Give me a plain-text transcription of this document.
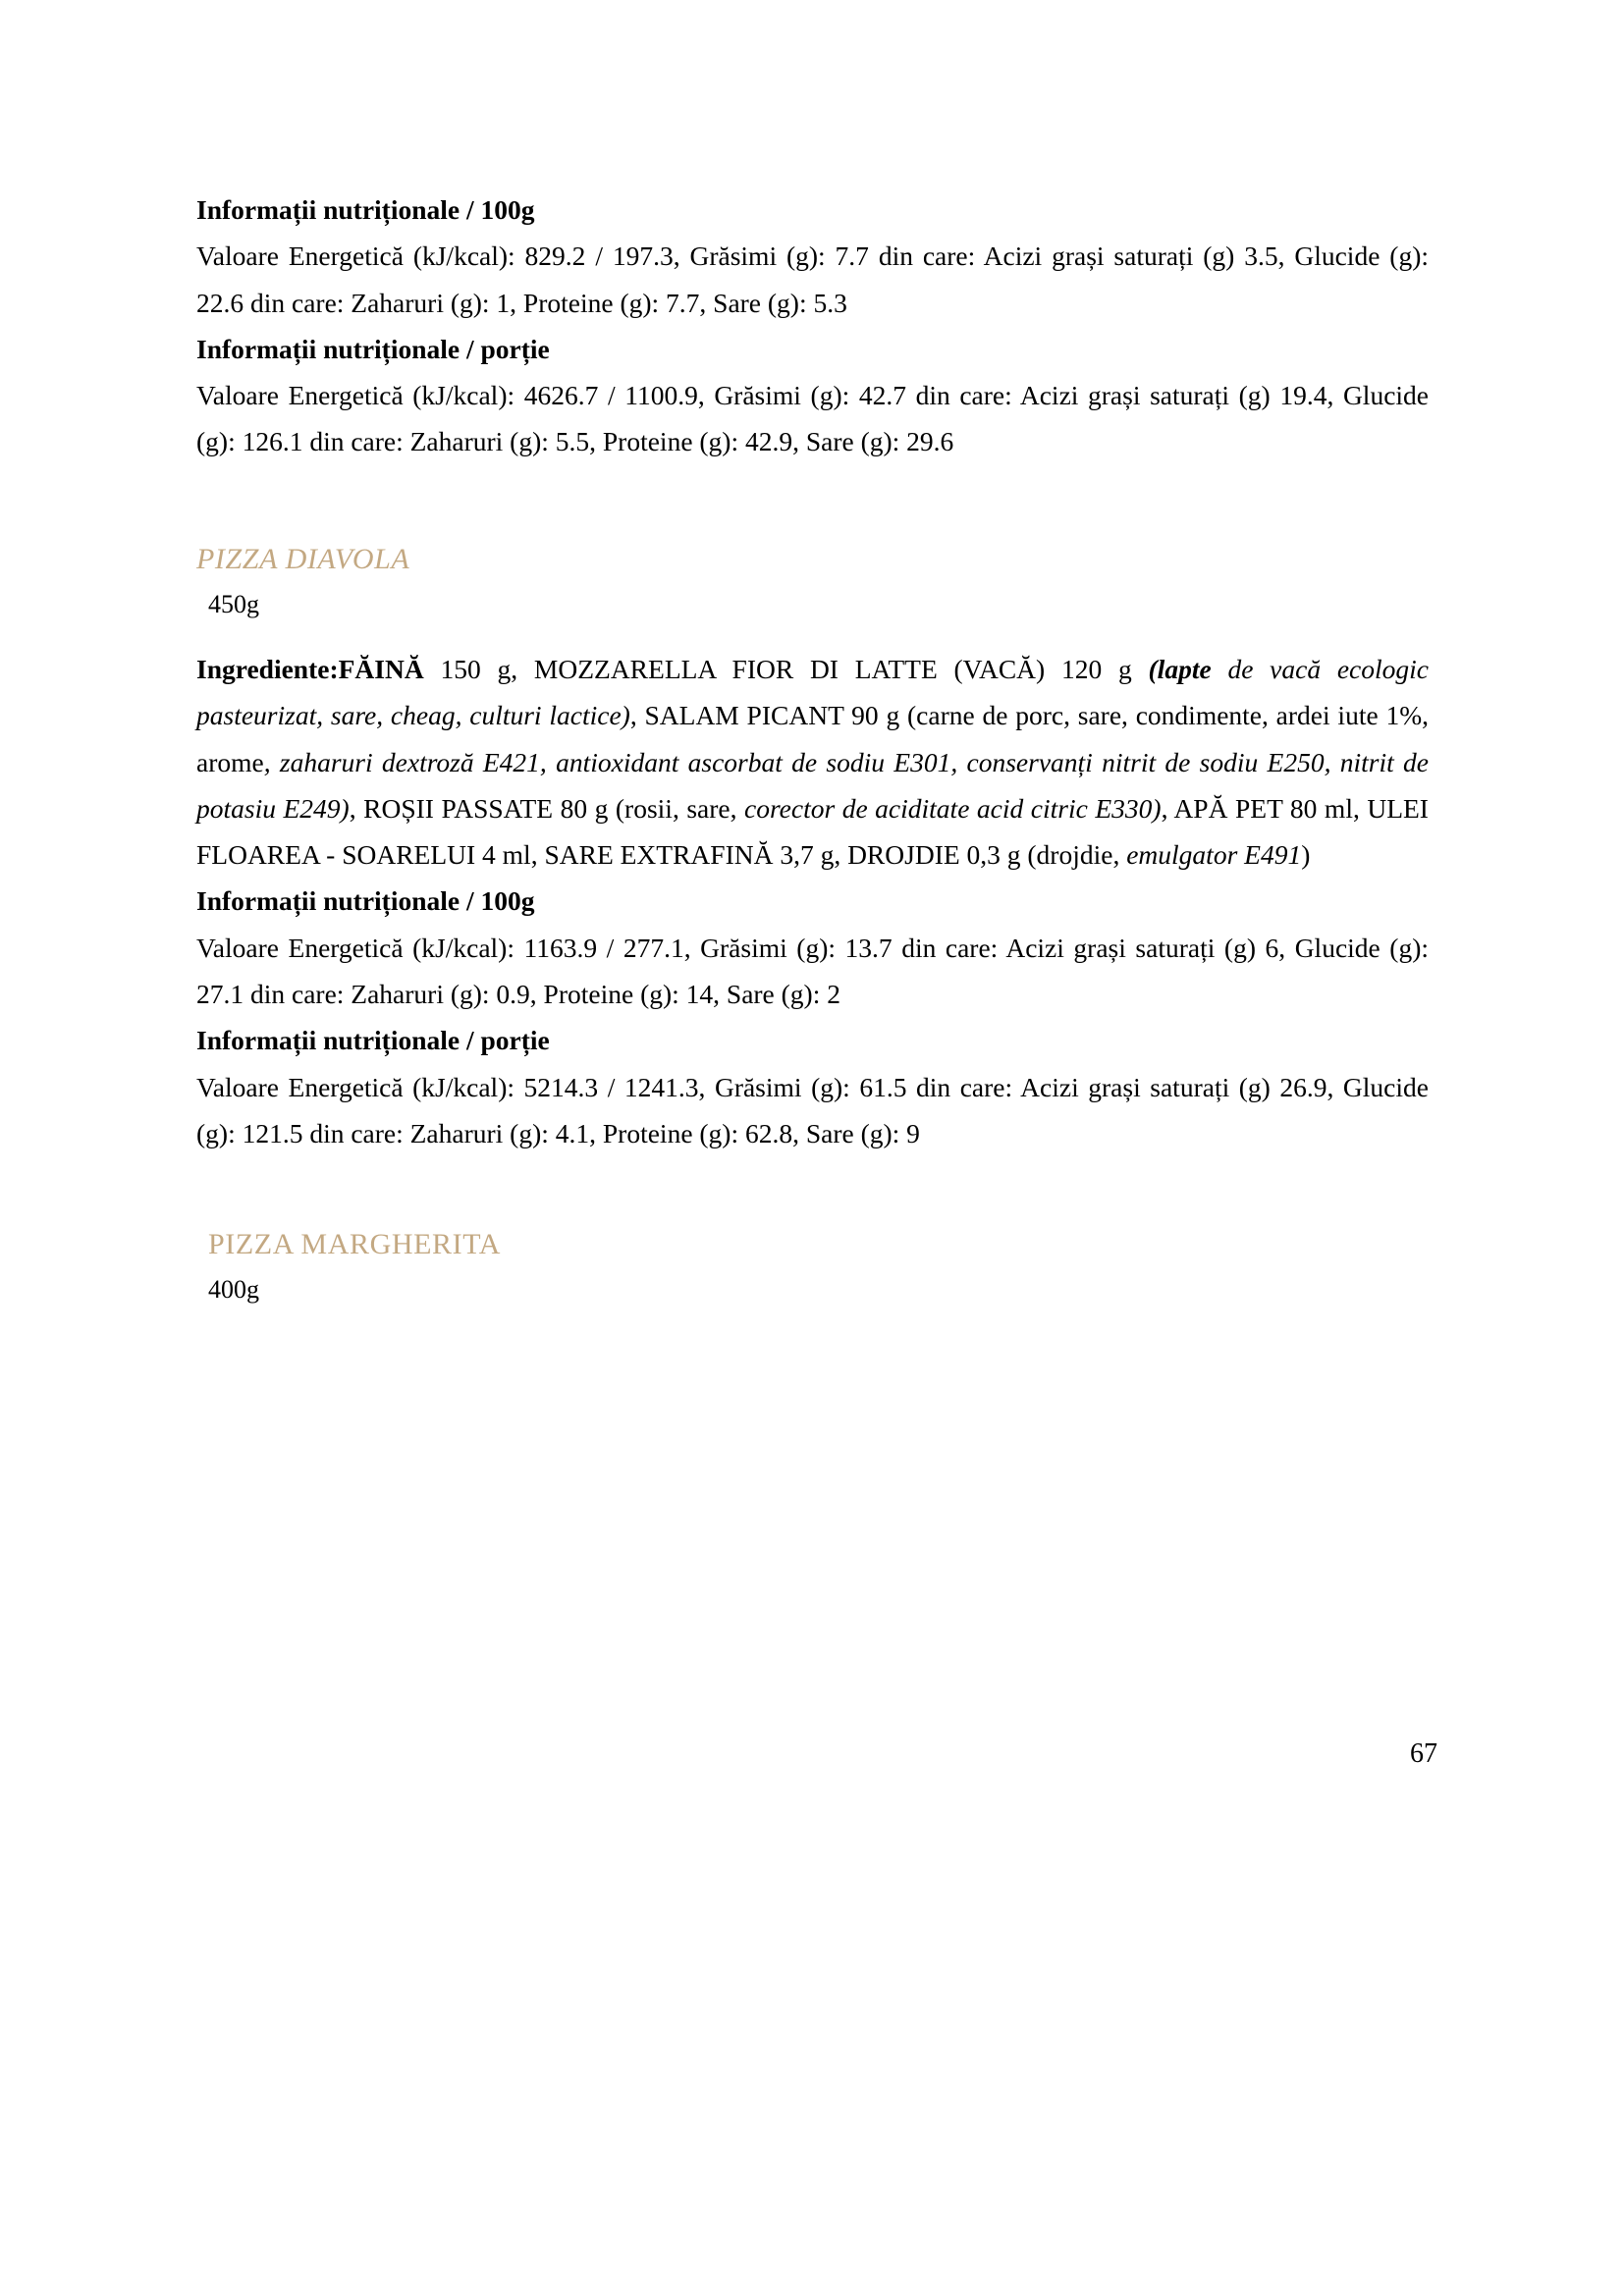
Informații nutriționale / 100g

Valoare Energetică (kJ/kcal): 829.2 / 197.3, Grăsimi (g): 7.7 din care: Acizi grași saturați (g) 3.5, Glucide (g): 22.6 din care: Zaharuri (g): 1, Proteine (g): 7.7, Sare (g): 5.3

Informații nutriționale / porție

Valoare Energetică (kJ/kcal): 4626.7 / 1100.9, Grăsimi (g): 42.7 din care: Acizi grași saturați (g) 19.4, Glucide (g): 126.1 din care: Zaharuri (g): 5.5, Proteine (g): 42.9, Sare (g): 29.6

PIZZA DIAVOLA

450g

Ingrediente:FĂINĂ 150 g, MOZZARELLA FIOR DI LATTE (VACĂ) 120 g (lapte de vacă ecologic pasteurizat, sare, cheag, culturi lactice), SALAM PICANT 90 g (carne de porc, sare, condimente, ardei iute 1%, arome, zaharuri dextroză E421, antioxidant ascorbat de sodiu E301, conservanți nitrit de sodiu E250, nitrit de potasiu E249), ROȘII PASSATE 80 g (rosii, sare, corector de aciditate acid citric E330), APĂ PET 80 ml, ULEI FLOAREA - SOARELUI 4 ml, SARE EXTRAFINĂ 3,7 g, DROJDIE 0,3 g (drojdie, emulgator E491)

Informații nutriționale / 100g

Valoare Energetică (kJ/kcal): 1163.9 / 277.1, Grăsimi (g): 13.7 din care: Acizi grași saturați (g) 6, Glucide (g): 27.1 din care: Zaharuri (g): 0.9, Proteine (g): 14, Sare (g): 2

Informații nutriționale / porție

Valoare Energetică (kJ/kcal): 5214.3 / 1241.3, Grăsimi (g): 61.5 din care: Acizi grași saturați (g) 26.9, Glucide (g): 121.5 din care: Zaharuri (g): 4.1, Proteine (g): 62.8, Sare (g): 9

PIZZA MARGHERITA

400g

67
